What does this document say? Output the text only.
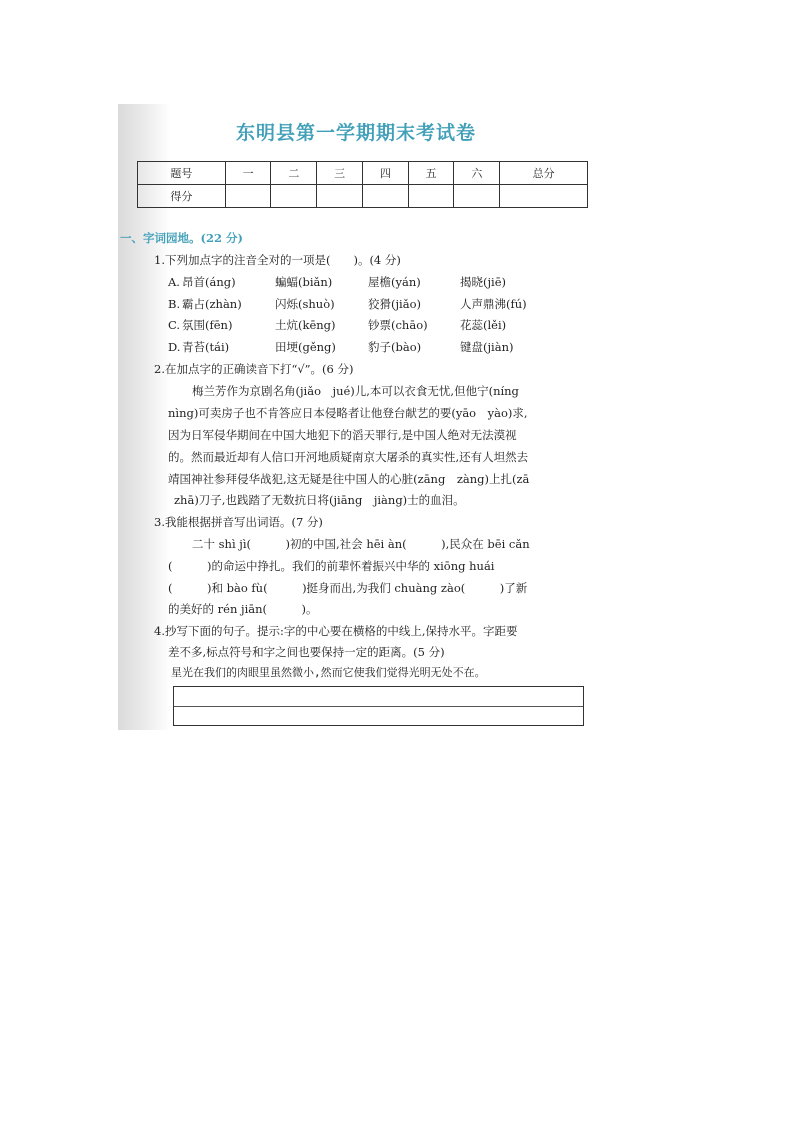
东明县第一学期期末考试卷
题号	一	二	三	四	五	六	总分
得分							
一、字词园地。(22 分)
1.下列加点字的注音全对的一项是(　　)。(4 分)
A. 昂首(áng)	蝙蝠(biǎn)	屋檐(yán)	揭晓(jiē)
B. 霸占(zhàn)	闪烁(shuò)	狡猾(jiǎo)	人声鼎沸(fú)
C. 氛围(fēn)	土炕(kēng)	钞票(chāo)	花蕊(lěi)
D. 青苔(tái)	田埂(gěng)	豹子(bào)	键盘(jiàn)
2.在加点字的正确读音下打“√”。(6 分)
梅兰芳作为京剧名角(jiǎo　jué)儿,本可以衣食无忧,但他宁(níng
nìng)可卖房子也不肯答应日本侵略者让他登台献艺的要(yāo　yào)求,
因为日军侵华期间在中国大地犯下的滔天罪行,是中国人绝对无法漠视
的。然而最近却有人信口开河地质疑南京大屠杀的真实性,还有人坦然去
靖国神社参拜侵华战犯,这无疑是往中国人的心脏(zāng　zàng)上扎(zā
zhā)刀子,也践踏了无数抗日将(jiāng　jiàng)士的血泪。
3.我能根据拼音写出词语。(7 分)
二十 shì jì(　　　)初的中国,社会 hēi àn(　　　),民众在 bēi cǎn
(　　　)的命运中挣扎。我们的前辈怀着振兴中华的 xiōng huái
(　　　)和 bào fù(　　　)挺身而出,为我们 chuàng zào(　　　)了新
的美好的 rén jiān(　　　)。
4.抄写下面的句子。提示:字的中心要在横格的中线上,保持水平。字距要
差不多,标点符号和字之间也要保持一定的距离。(5 分)
星光在我们的肉眼里虽然微小,然而它使我们觉得光明无处不在。
